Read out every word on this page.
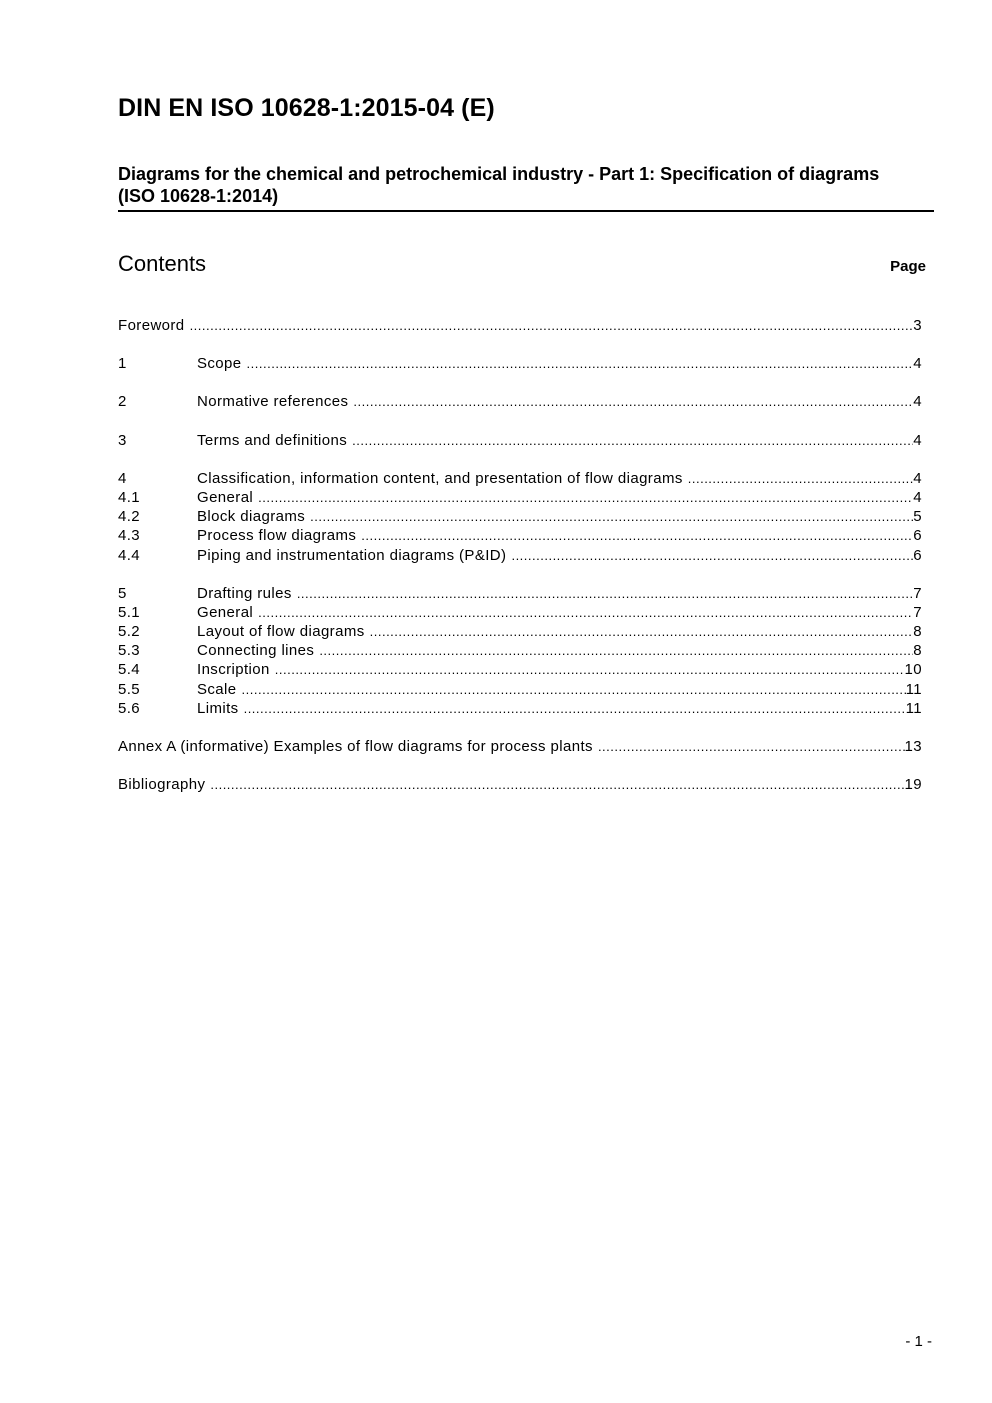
DIN EN ISO 10628-1:2015-04 (E)
Diagrams for the chemical and petrochemical industry - Part 1: Specification of diagrams (ISO 10628-1:2014)
Contents	Page
Foreword .....	3
1	Scope .....	4
2	Normative references .....	4
3	Terms and definitions .....	4
4	Classification, information content, and presentation of flow diagrams .....	4
4.1	General .....	4
4.2	Block diagrams .....	5
4.3	Process flow diagrams .....	6
4.4	Piping and instrumentation diagrams (P&ID) .....	6
5	Drafting rules .....	7
5.1	General .....	7
5.2	Layout of flow diagrams .....	8
5.3	Connecting lines .....	8
5.4	Inscription .....	10
5.5	Scale .....	11
5.6	Limits .....	11
Annex A (informative) Examples of flow diagrams for process plants .....	13
Bibliography .....	19
- 1 -
